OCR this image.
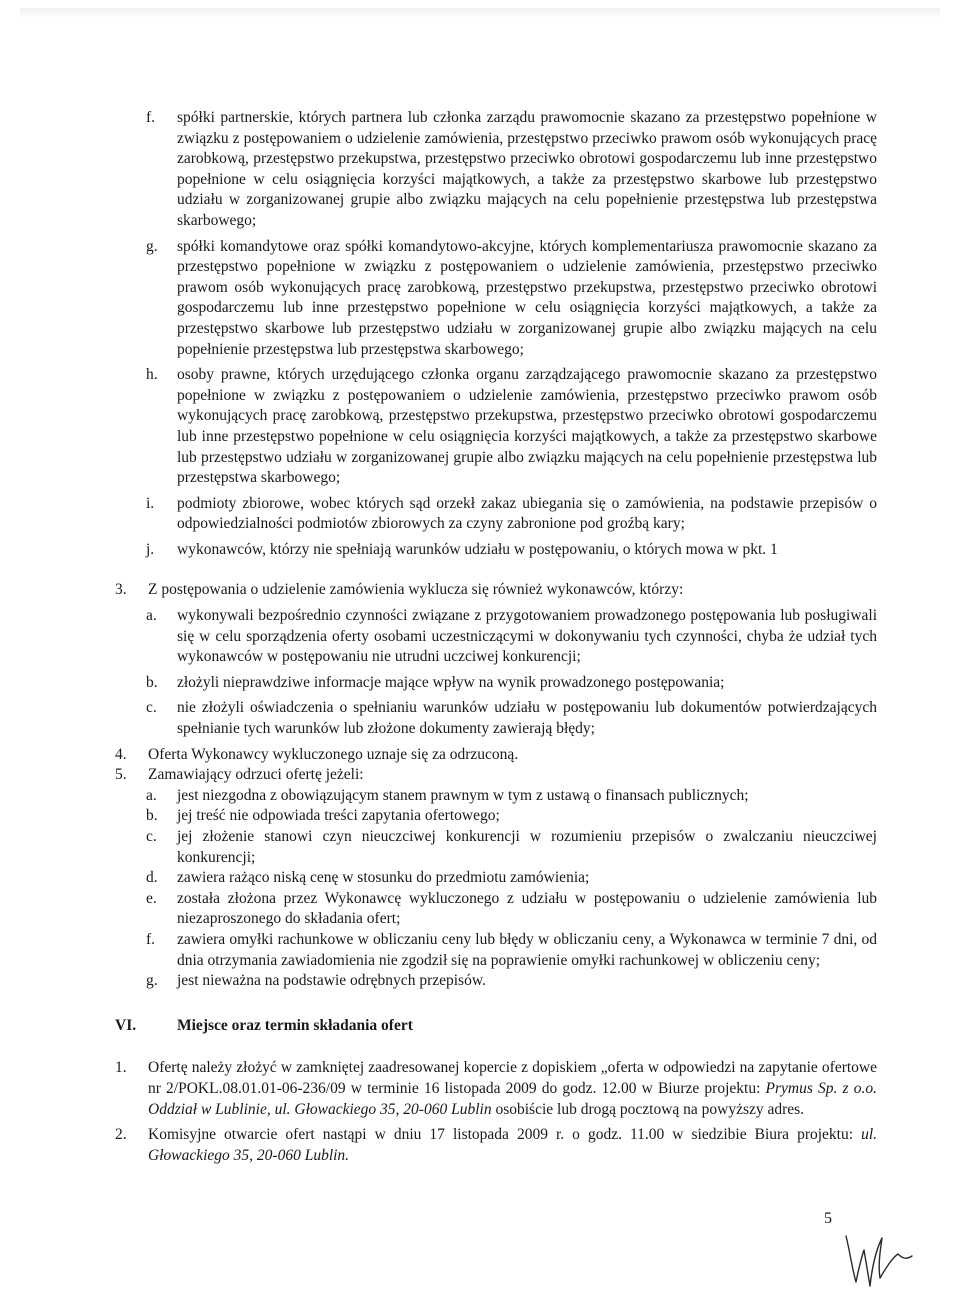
f.	spółki partnerskie, których partnera lub członka zarządu prawomocnie skazano za przestępstwo popełnione w związku z postępowaniem o udzielenie zamówienia, przestępstwo przeciwko prawom osób wykonujących pracę zarobkową, przestępstwo przekupstwa, przestępstwo przeciwko obrotowi gospodarczemu lub inne przestępstwo popełnione w celu osiągnięcia korzyści majątkowych, a także za przestępstwo skarbowe lub przestępstwo udziału w zorganizowanej grupie albo związku mających na celu popełnienie przestępstwa lub przestępstwa skarbowego;
g.	spółki komandytowe oraz spółki komandytowo-akcyjne, których komplementariusza prawomocnie skazano za przestępstwo popełnione w związku z postępowaniem o udzielenie zamówienia, przestępstwo przeciwko prawom osób wykonujących pracę zarobkową, przestępstwo przekupstwa, przestępstwo przeciwko obrotowi gospodarczemu lub inne przestępstwo popełnione w celu osiągnięcia korzyści majątkowych, a także za przestępstwo skarbowe lub przestępstwo udziału w zorganizowanej grupie albo związku mających na celu popełnienie przestępstwa lub przestępstwa skarbowego;
h.	osoby prawne, których urzędującego członka organu zarządzającego prawomocnie skazano za przestępstwo popełnione w związku z postępowaniem o udzielenie zamówienia, przestępstwo przeciwko prawom osób wykonujących pracę zarobkową, przestępstwo przekupstwa, przestępstwo przeciwko obrotowi gospodarczemu lub inne przestępstwo popełnione w celu osiągnięcia korzyści majątkowych, a także za przestępstwo skarbowe lub przestępstwo udziału w zorganizowanej grupie albo związku mających na celu popełnienie przestępstwa lub przestępstwa skarbowego;
i.	podmioty zbiorowe, wobec których sąd orzekł zakaz ubiegania się o zamówienia, na podstawie przepisów o odpowiedzialności podmiotów zbiorowych za czyny zabronione pod groźbą kary;
j.	wykonawców, którzy nie spełniają warunków udziału w postępowaniu, o których mowa w pkt. 1
3.	Z postępowania o udzielenie zamówienia wyklucza się również wykonawców, którzy:
a.	wykonywali bezpośrednio czynności związane z przygotowaniem prowadzonego postępowania lub posługiwali się w celu sporządzenia oferty osobami uczestniczącymi w dokonywaniu tych czynności, chyba że udział tych wykonawców w postępowaniu nie utrudni uczciwej konkurencji;
b.	złożyli nieprawdziwe informacje mające wpływ na wynik prowadzonego postępowania;
c.	nie złożyli oświadczenia o spełnianiu warunków udziału w postępowaniu lub dokumentów potwierdzających spełnianie tych warunków lub złożone dokumenty zawierają błędy;
4.	Oferta Wykonawcy wykluczonego uznaje się za odrzuconą.
5.	Zamawiający odrzuci ofertę jeżeli:
a.	jest niezgodna z obowiązującym stanem prawnym w tym z ustawą o finansach publicznych;
b.	jej treść nie odpowiada treści zapytania ofertowego;
c.	jej złożenie stanowi czyn nieuczciwej konkurencji w rozumieniu przepisów o zwalczaniu nieuczciwej konkurencji;
d.	zawiera rażąco niską cenę w stosunku do przedmiotu zamówienia;
e.	została złożona przez Wykonawcę wykluczonego z udziału w postępowaniu o udzielenie zamówienia lub niezaproszonego do składania ofert;
f.	zawiera omyłki rachunkowe w obliczaniu ceny lub błędy w obliczaniu ceny, a Wykonawca w terminie 7 dni, od dnia otrzymania zawiadomienia nie zgodził się na poprawienie omyłki rachunkowej w obliczeniu ceny;
g.	jest nieważna na podstawie odrębnych przepisów.
VI.	Miejsce oraz termin składania ofert
1.	Ofertę należy złożyć w zamkniętej zaadresowanej kopercie z dopiskiem „oferta w odpowiedzi na zapytanie ofertowe nr 2/POKL.08.01.01-06-236/09 w terminie 16 listopada 2009 do godz. 12.00 w Biurze projektu: Prymus Sp. z o.o. Oddział w Lublinie, ul. Głowackiego 35, 20-060 Lublin osobiście lub drogą pocztową na powyższy adres.
2.	Komisyjne otwarcie ofert nastąpi w dniu 17 listopada 2009 r. o godz. 11.00 w siedzibie Biura projektu: ul. Głowackiego 35, 20-060 Lublin.
5
